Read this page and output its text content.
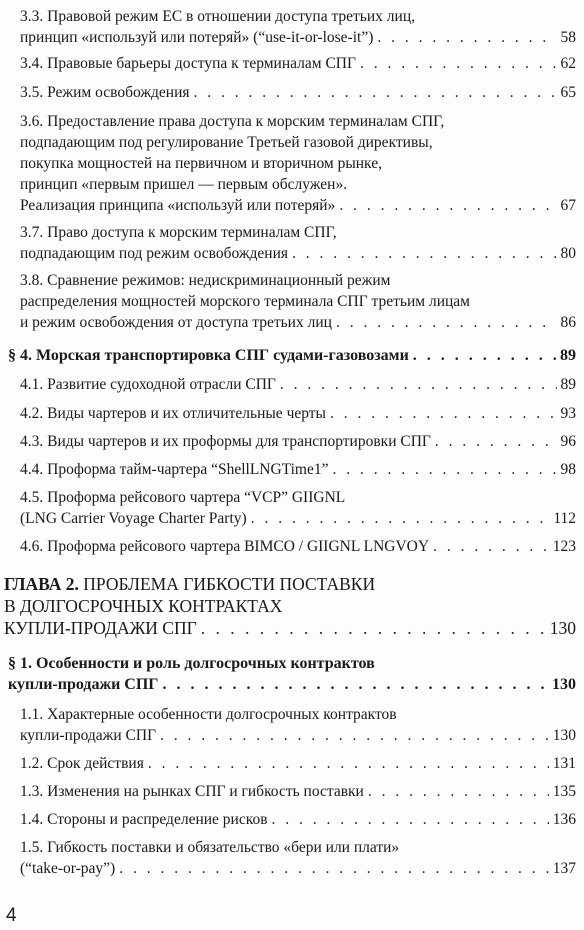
3.3. Правовой режим ЕС в отношении доступа третьих лиц,
принцип «используй или потеряй» (“use-it-or-lose-it”) . . .	58
3.4. Правовые барьеры доступа к терминалам СПГ . . .	62
3.5. Режим освобождения . . .	65
3.6. Предоставление права доступа к морским терминалам СПГ,
подпадающим под регулирование Третьей газовой директивы,
покупка мощностей на первичном и вторичном рынке,
принцип «первым пришел — первым обслужен».
Реализация принципа «используй или потеряй» . . .	67
3.7. Право доступа к морским терминалам СПГ,
подпадающим под режим освобождения . . .	80
3.8. Сравнение режимов: недискриминационный режим
распределения мощностей морского терминала СПГ третьим лицам
и режим освобождения от доступа третьих лиц . . .	86
§ 4. Морская транспортировка СПГ судами-газовозами . . .	89
4.1. Развитие судоходной отрасли СПГ . . .	89
4.2. Виды чартеров и их отличительные черты . . .	93
4.3. Виды чартеров и их проформы для транспортировки СПГ . . .	96
4.4. Проформа тайм-чартера “ShellLNGTime1” . . .	98
4.5. Проформа рейсового чартера “VCP” GIIGNL
(LNG Carrier Voyage Charter Party) . . .	112
4.6. Проформа рейсового чартера BIMCO / GIIGNL LNGVOY . . .	123
ГЛАВА 2. ПРОБЛЕМА ГИБКОСТИ ПОСТАВКИ
В ДОЛГОСРОЧНЫХ КОНТРАКТАХ
КУПЛИ-ПРОДАЖИ СПГ . . .	130
§ 1. Особенности и роль долгосрочных контрактов
купли-продажи СПГ . . .	130
1.1. Характерные особенности долгосрочных контрактов
купли-продажи СПГ . . .	130
1.2. Срок действия . . .	131
1.3. Изменения на рынках СПГ и гибкость поставки . . .	135
1.4. Стороны и распределение рисков . . .	136
1.5. Гибкость поставки и обязательство «бери или плати»
(“take-or-pay”) . . .	137
4
